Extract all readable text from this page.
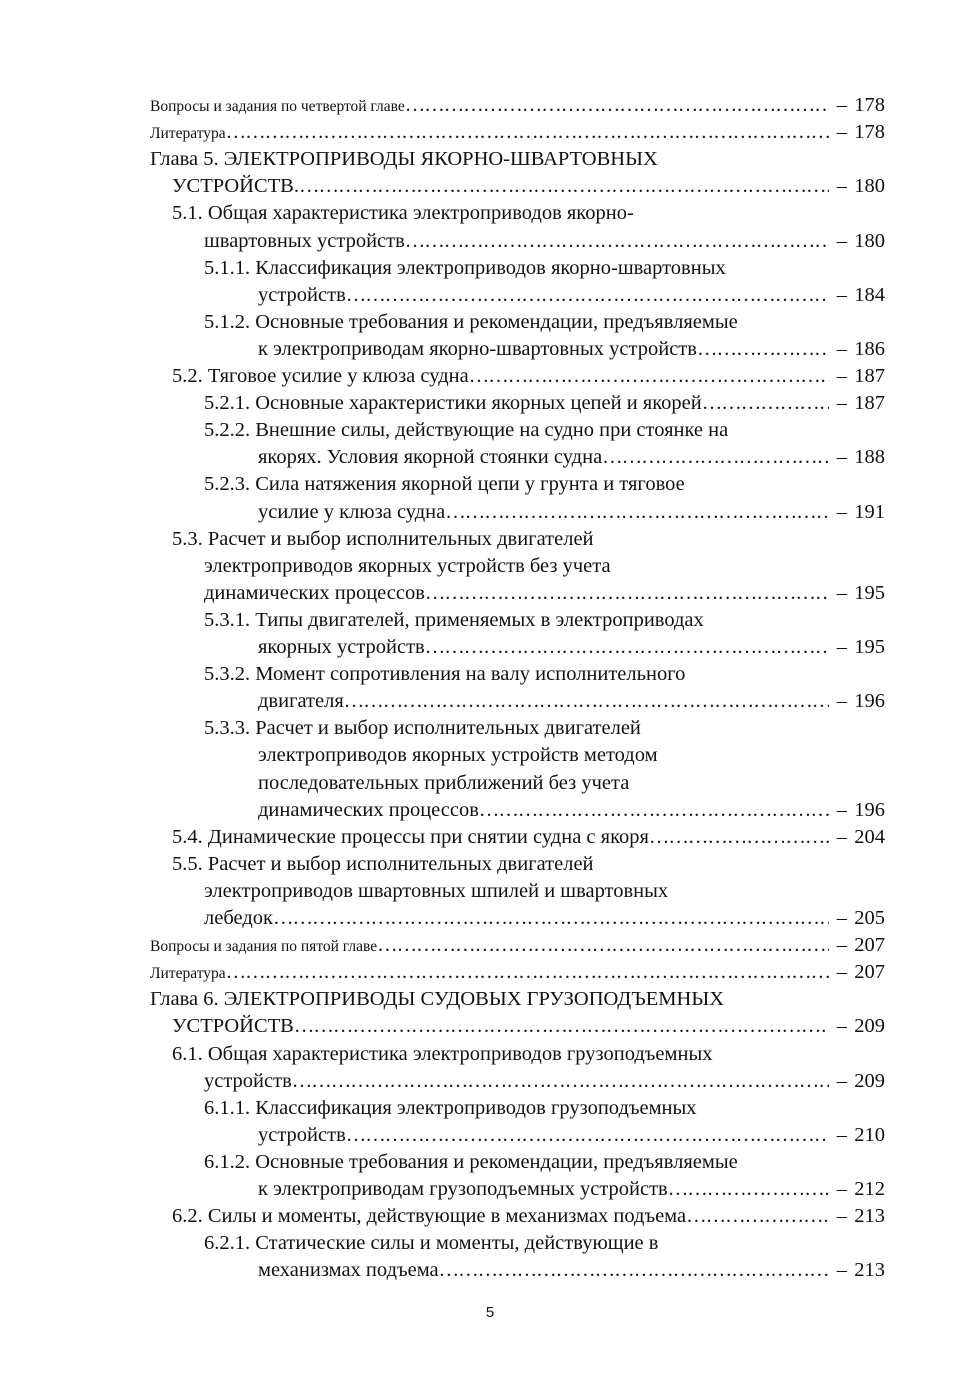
Вопросы и задания по четвертой главе ………………………………………………………………………………………………………………………………………………………………………………	– 178
Литература ………………………………………………………………………………………………………………………………………………………………………………	– 178
Глава 5. ЭЛЕКТРОПРИВОДЫ ЯКОРНО-ШВАРТОВНЫХ
УСТРОЙСТВ. ………………………………………………………………………………………………………………………………………………………………………………	– 180
5.1. Общая характеристика электроприводов якорно-
швартовных устройств ………………………………………………………………………………………………………………………………………………………………………………	– 180
5.1.1. Классификация электроприводов якорно-швартовных
устройств ………………………………………………………………………………………………………………………………………………………………………………	– 184
5.1.2. Основные требования и рекомендации, предъявляемые
к электроприводам якорно-швартовных устройств ………………………………………………………………………………………………………………………………………………………………………………	– 186
5.2. Тяговое усилие у клюза судна ………………………………………………………………………………………………………………………………………………………………………………	– 187
5.2.1. Основные характеристики якорных цепей и якорей ………………………………………………………………………………………………………………………………………………………………………………	– 187
5.2.2. Внешние силы, действующие на судно при стоянке на
якорях. Условия якорной стоянки судна ………………………………………………………………………………………………………………………………………………………………………………	– 188
5.2.3. Сила натяжения якорной цепи у грунта и тяговое
усилие у клюза судна ………………………………………………………………………………………………………………………………………………………………………………	– 191
5.3. Расчет и выбор исполнительных двигателей
электроприводов якорных устройств без учета
динамических процессов ………………………………………………………………………………………………………………………………………………………………………………	– 195
5.3.1. Типы двигателей, применяемых в электроприводах
якорных устройств ………………………………………………………………………………………………………………………………………………………………………………	– 195
5.3.2. Момент сопротивления на валу исполнительного
двигателя ………………………………………………………………………………………………………………………………………………………………………………	– 196
5.3.3. Расчет и выбор исполнительных двигателей
электроприводов якорных устройств методом
последовательных приближений без учета
динамических процессов ………………………………………………………………………………………………………………………………………………………………………………	– 196
5.4. Динамические процессы при снятии судна с якоря ………………………………………………………………………………………………………………………………………………………………………………	– 204
5.5. Расчет и выбор исполнительных двигателей
электроприводов швартовных шпилей и швартовных
лебедок ………………………………………………………………………………………………………………………………………………………………………………	– 205
Вопросы и задания по пятой главе ………………………………………………………………………………………………………………………………………………………………………………	– 207
Литература ………………………………………………………………………………………………………………………………………………………………………………	– 207
Глава 6. ЭЛЕКТРОПРИВОДЫ СУДОВЫХ ГРУЗОПОДЪЕМНЫХ
УСТРОЙСТВ ………………………………………………………………………………………………………………………………………………………………………………	– 209
6.1. Общая характеристика электроприводов грузоподъемных
устройств ………………………………………………………………………………………………………………………………………………………………………………	– 209
6.1.1. Классификация электроприводов грузоподъемных
устройств ………………………………………………………………………………………………………………………………………………………………………………	– 210
6.1.2. Основные требования и рекомендации, предъявляемые
к электроприводам грузоподъемных устройств ………………………………………………………………………………………………………………………………………………………………………………	– 212
6.2. Силы и моменты, действующие в механизмах подъема ………………………………………………………………………………………………………………………………………………………………………………	– 213
6.2.1. Статические силы и моменты, действующие в
механизмах подъема ………………………………………………………………………………………………………………………………………………………………………………	– 213
5
